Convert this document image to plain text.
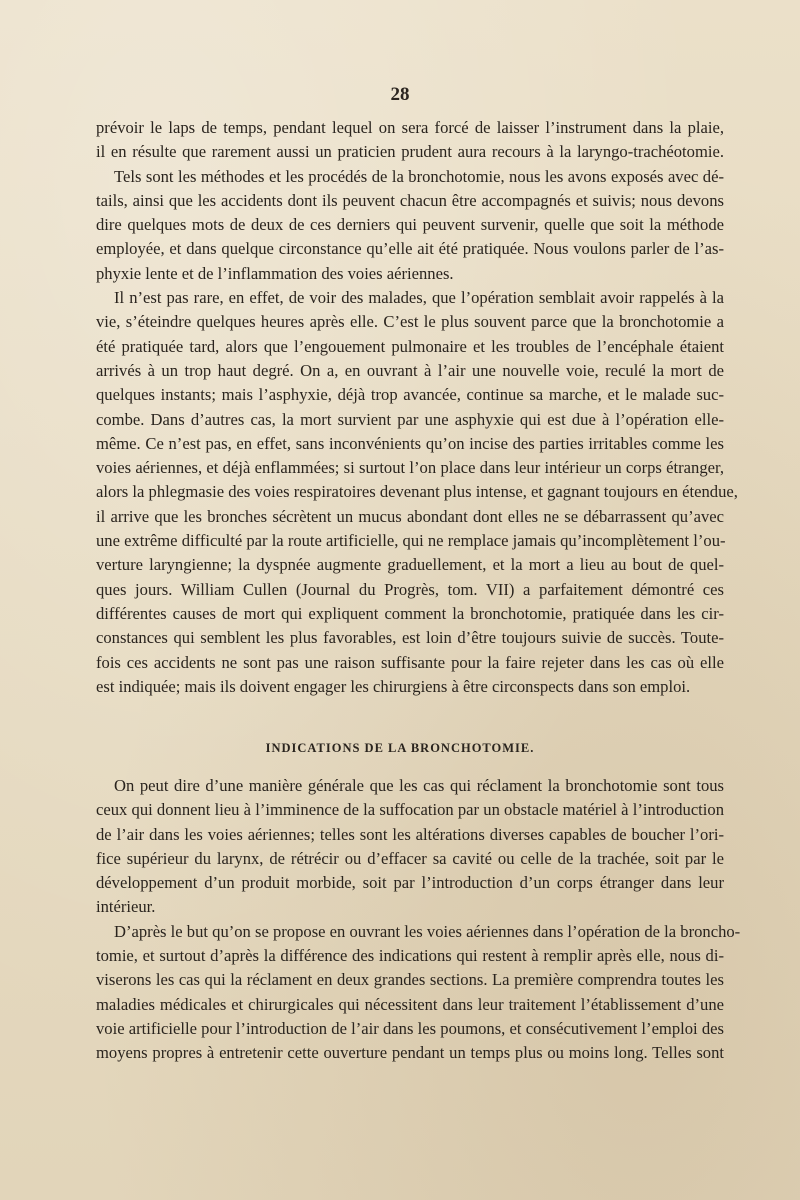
28
prévoir le laps de temps, pendant lequel on sera forcé de laisser l’instrument dans la plaie,
il en résulte que rarement aussi un praticien prudent aura recours à la laryngo-trachéotomie.
Tels sont les méthodes et les procédés de la bronchotomie, nous les avons exposés avec dé-
tails, ainsi que les accidents dont ils peuvent chacun être accompagnés et suivis; nous devons
dire quelques mots de deux de ces derniers qui peuvent survenir, quelle que soit la méthode
employée, et dans quelque circonstance qu’elle ait été pratiquée. Nous voulons parler de l’as-
phyxie lente et de l’inflammation des voies aériennes.
Il n’est pas rare, en effet, de voir des malades, que l’opération semblait avoir rappelés à la
vie, s’éteindre quelques heures après elle. C’est le plus souvent parce que la bronchotomie a
été pratiquée tard, alors que l’engouement pulmonaire et les troubles de l’encéphale étaient
arrivés à un trop haut degré. On a, en ouvrant à l’air une nouvelle voie, reculé la mort de
quelques instants; mais l’asphyxie, déjà trop avancée, continue sa marche, et le malade suc-
combe. Dans d’autres cas, la mort survient par une asphyxie qui est due à l’opération elle-
même. Ce n’est pas, en effet, sans inconvénients qu’on incise des parties irritables comme les
voies aériennes, et déjà enflammées; si surtout l’on place dans leur intérieur un corps étranger,
alors la phlegmasie des voies respiratoires devenant plus intense, et gagnant toujours en étendue,
il arrive que les bronches sécrètent un mucus abondant dont elles ne se débarrassent qu’avec
une extrême difficulté par la route artificielle, qui ne remplace jamais qu’incomplètement l’ou-
verture laryngienne; la dyspnée augmente graduellement, et la mort a lieu au bout de quel-
ques jours. William Cullen (Journal du Progrès, tom. VII) a parfaitement démontré ces
différentes causes de mort qui expliquent comment la bronchotomie, pratiquée dans les cir-
constances qui semblent les plus favorables, est loin d’être toujours suivie de succès. Toute-
fois ces accidents ne sont pas une raison suffisante pour la faire rejeter dans les cas où elle
est indiquée; mais ils doivent engager les chirurgiens à être circonspects dans son emploi.
INDICATIONS DE LA BRONCHOTOMIE.
On peut dire d’une manière générale que les cas qui réclament la bronchotomie sont tous
ceux qui donnent lieu à l’imminence de la suffocation par un obstacle matériel à l’introduction
de l’air dans les voies aériennes; telles sont les altérations diverses capables de boucher l’ori-
fice supérieur du larynx, de rétrécir ou d’effacer sa cavité ou celle de la trachée, soit par le
développement d’un produit morbide, soit par l’introduction d’un corps étranger dans leur
intérieur.
D’après le but qu’on se propose en ouvrant les voies aériennes dans l’opération de la broncho-
tomie, et surtout d’après la différence des indications qui restent à remplir après elle, nous di-
viserons les cas qui la réclament en deux grandes sections. La première comprendra toutes les
maladies médicales et chirurgicales qui nécessitent dans leur traitement l’établissement d’une
voie artificielle pour l’introduction de l’air dans les poumons, et consécutivement l’emploi des
moyens propres à entretenir cette ouverture pendant un temps plus ou moins long. Telles sont
